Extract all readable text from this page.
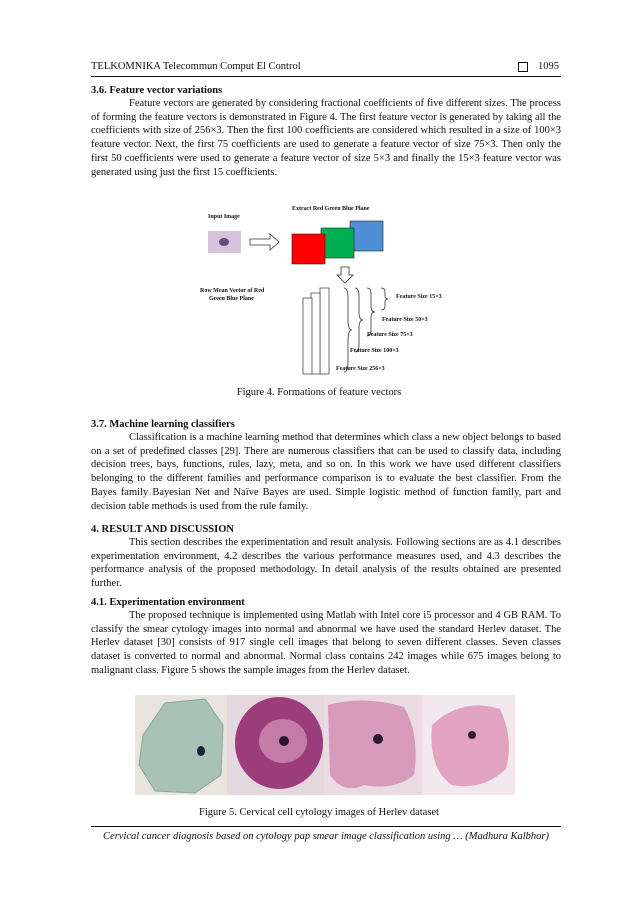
TELKOMNIKA Telecommun Comput El Control	1095
3.6. Feature vector variations

Feature vectors are generated by considering fractional coefficients of five different sizes. The process of forming the feature vectors is demonstrated in Figure 4. The first feature vector is generated by taking all the coefficients with size of 256×3. Then the first 100 coefficients are considered which resulted in a size of 100×3 feature vector. Next, the first 75 coefficients are used to generate a feature vector of size 75×3. Then only the first 50 coefficients were used to generate a feature vector of size 5×3 and finally the 15×3 feature vector was generated using just the first 15 coefficients.

Extract Red Green Blue Plane
Input Image
Row Mean Vector of Red
Green Blue Plane	Feature Size 15×3
Feature Size 50×3
Feature Size 75×3
Feature Size 100×3
Feature Size 256×3
Figure 4. Formations of feature vectors
3.7. Machine learning classifiers

Classification is a machine learning method that determines which class a new object belongs to based on a set of predefined classes [29]. There are numerous classifiers that can be used to classify data, including decision trees, bays, functions, rules, lazy, meta, and so on. In this work we have used different classifiers belonging to the different families and performance comparison is to evaluate the best classifier. From the Bayes family Bayesian Net and Naïve Bayes are used. Simple logistic method of function family, part and decision table methods is used from the rule family.

4. RESULT AND DISCUSSION

This section describes the experimentation and result analysis. Following sections are as 4.1 describes experimentation environment, 4.2 describes the various performance measures used, and 4.3 describes the performance analysis of the proposed methodology. In detail analysis of the results obtained are presented further.

4.1. Experimentation environment

The proposed technique is implemented using Matlab with Intel core i5 processor and 4 GB RAM. To classify the smear cytology images into normal and abnormal we have used the standard Herlev dataset. The Herlev dataset [30] consists of 917 single cell images that belong to seven different classes. Seven classes dataset is converted to normal and abnormal. Normal class contains 242 images while 675 images belong to malignant class. Figure 5 shows the sample images from the Herlev dataset.

Figure 5. Cervical cell cytology images of Herlev dataset
Cervical cancer diagnosis based on cytology pap smear image classification using … (Madhura Kalbhor)
